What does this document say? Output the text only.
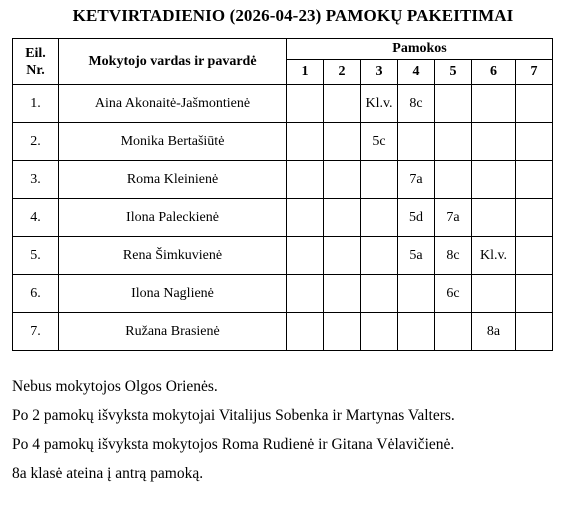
KETVIRTADIENIO (2026-04-23) PAMOKŲ PAKEITIMAI
Eil.
Nr.	Mokytojo vardas ir pavardė	Pamokos						
		1	2	3	4	5	6	7
1.	Aina Akonaitė-Jašmontienė			Kl.v.	8c			
2.	Monika Bertašiūtė			5c				
3.	Roma Kleinienė				7a			
4.	Ilona Paleckienė				5d	7a		
5.	Rena Šimkuvienė				5a	8c	Kl.v.	
6.	Ilona Naglienė					6c		
7.	Ružana Brasienė						8a	

Nebus mokytojos Olgos Orienės.

Po 2 pamokų išvyksta mokytojai Vitalijus Sobenka ir Martynas Valters.

Po 4 pamokų išvyksta mokytojos Roma Rudienė ir Gitana Vėlavičienė.

8a klasė ateina į antrą pamoką.
